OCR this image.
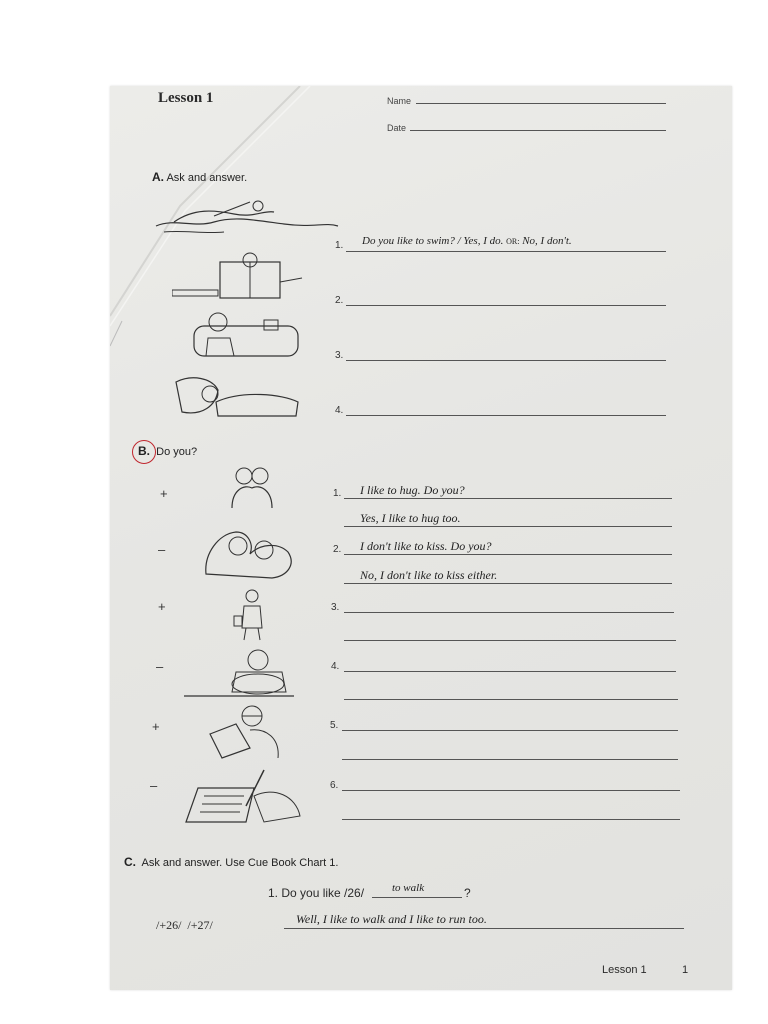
Lesson 1	Name
Date
A. Ask and answer.
1. Do you like to swim? / Yes, I do. OR: No, I don't.
2.
3.
4.
B. Do you?
+
–
+
–
+
–
1. I like to hug. Do you?
Yes, I like to hug too.
2. I don't like to kiss. Do you?
No, I don't like to kiss either.
3.
4.
5.
6.
C. Ask and answer. Use Cue Book Chart 1.
1. Do you like /26/	to walk	?
/+26/  /+27/	Well, I like to walk and I like to run too.
Lesson 1	1
